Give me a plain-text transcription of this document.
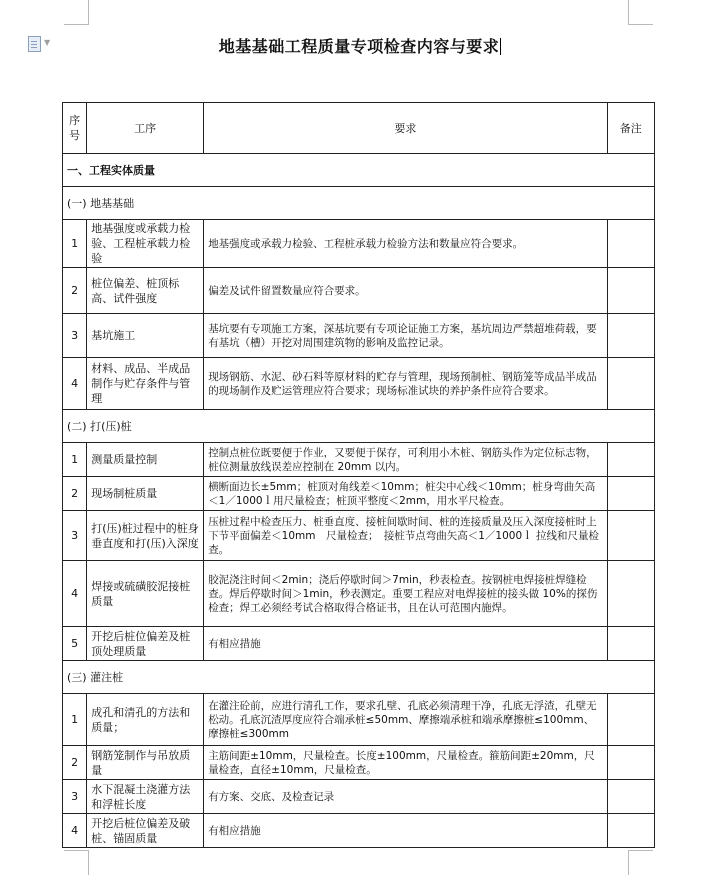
▼	地基基础工程质量专项检查内容与要求
序号	工序	要求	备注
一、工程实体质量			
(一) 地基基础			
1	地基强度或承载力检验、工程桩承载力检验	地基强度或承载力检验、工程桩承载力检验方法和数量应符合要求。	
2	桩位偏差、桩顶标高、试件强度	偏差及试件留置数量应符合要求。	
3	基坑施工	基坑要有专项施工方案，深基坑要有专项论证施工方案，基坑周边严禁超堆荷载，要有基坑（槽）开挖对周围建筑物的影响及监控记录。	
4	材料、成品、半成品制作与贮存条件与管理	现场钢筋、水泥、砂石料等原材料的贮存与管理，现场预制桩、钢筋笼等成品半成品的现场制作及贮运管理应符合要求；现场标准试块的养护条件应符合要求。	
(二) 打(压)桩			
1	测量质量控制	控制点桩位既要便于作业，又要便于保存，可利用小木桩、钢筋头作为定位标志物，桩位测量放线误差应控制在 20mm 以内。	
2	现场制桩质量	横断面边长±5mm；桩顶对角线差＜10mm；桩尖中心线＜10mm；桩身弯曲矢高＜1／1000ｌ用尺量检查；桩顶平整度＜2mm，用水平尺检查。	
3	打(压)桩过程中的桩身垂直度和打(压)入深度	压桩过程中检查压力、桩垂直度、接桩间歇时间、桩的连接质量及压入深度接桩时上下节平面偏差＜10mm　尺量检查；　接桩节点弯曲矢高＜1／1000ｌ 拉线和尺量检查。	
4	焊接或硫磺胶泥接桩质量	胶泥浇注时间＜2min；浇后停歇时间＞7min，秒表检查。按钢桩电焊接桩焊缝检查。焊后停歇时间＞1min，秒表测定。重要工程应对电焊接桩的接头做 10%的探伤检查；焊工必须经考试合格取得合格证书，且在认可范围内施焊。	
5	开挖后桩位偏差及桩顶处理质量	有相应措施	
(三) 灌注桩			
1	成孔和清孔的方法和质量；	在灌注砼前，应进行清孔工作，要求孔壁、孔底必须清理干净，孔底无浮渣，孔壁无松动。孔底沉渣厚度应符合端承桩≤50mm、摩擦端承桩和端承摩擦桩≤100mm、摩擦桩≤300mm	
2	钢筋笼制作与吊放质量	主筋间距±10mm，尺量检查。长度±100mm，尺量检查。箍筋间距±20mm，尺量检查，直径±10mm，尺量检查。	
3	水下混凝土浇灌方法和浮桩长度	有方案、交底、及检查记录	
4	开挖后桩位偏差及破桩、锚固质量	有相应措施	
